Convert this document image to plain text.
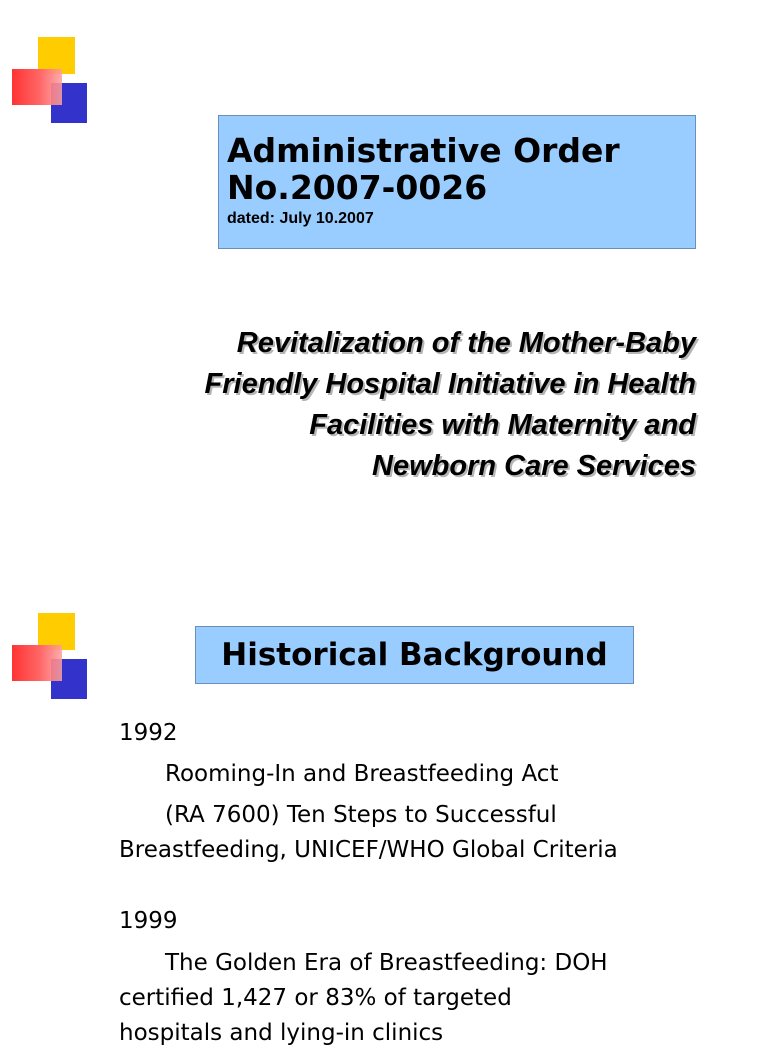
Administrative Order
No.2007-0026
dated: July 10.2007
Revitalization of the Mother-Baby
Friendly Hospital Initiative in Health
Facilities with Maternity and
Newborn Care Services
Historical Background

1992

Rooming-In and Breastfeeding Act

(RA 7600) Ten Steps to Successful

Breastfeeding, UNICEF/WHO Global Criteria

1999

The Golden Era of Breastfeeding: DOH

certified 1,427 or 83% of targeted

hospitals and lying-in clinics
